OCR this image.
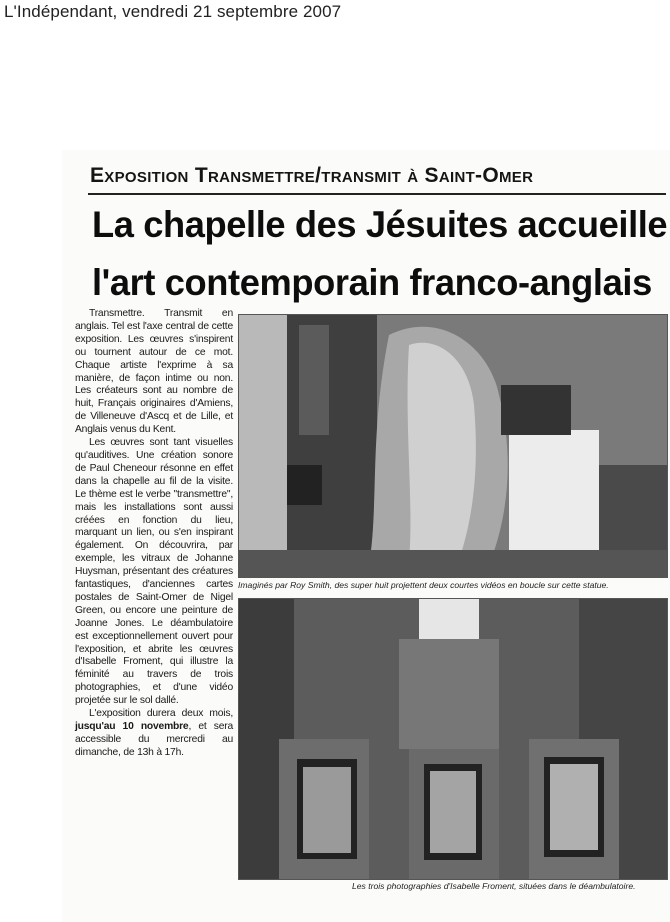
L'Indépendant, vendredi 21 septembre 2007
Exposition Transmettre/transmit à Saint-Omer
La chapelle des Jésuites accueille
l'art contemporain franco-anglais

Transmettre. Transmit en anglais. Tel est l'axe central de cette exposition. Les œuvres s'inspirent ou tournent autour de ce mot. Chaque artiste l'exprime à sa manière, de façon intime ou non. Les créateurs sont au nombre de huit, Français originaires d'Amiens, de Villeneuve d'Ascq et de Lille, et Anglais venus du Kent.

Les œuvres sont tant visuelles qu'auditives. Une création sonore de Paul Cheneour résonne en effet dans la chapelle au fil de la visite. Le thème est le verbe "transmettre", mais les installations sont aussi créées en fonction du lieu, marquant un lien, ou s'en inspirant également. On découvrira, par exemple, les vitraux de Johanne Huysman, présentant des créatures fantastiques, d'anciennes cartes postales de Saint-Omer de Nigel Green, ou encore une peinture de Joanne Jones. Le déambulatoire est exceptionnellement ouvert pour l'exposition, et abrite les œuvres d'Isabelle Froment, qui illustre la féminité au travers de trois photographies, et d'une vidéo projetée sur le sol dallé.

L'exposition durera deux mois, jusqu'au 10 novembre, et sera accessible du mercredi au dimanche, de 13h à 17h.

Imaginés par Roy Smith, des super huit projettent deux courtes vidéos en boucle sur cette statue.
Les trois photographies d'Isabelle Froment, situées dans le déambulatoire.
